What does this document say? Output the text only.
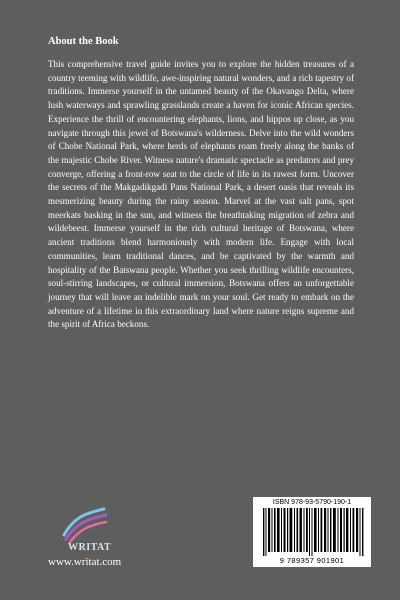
About the Book

This comprehensive travel guide invites you to explore the hidden treasures of a country teeming with wildlife, awe-inspiring natural wonders, and a rich tapestry of traditions. Immerse yourself in the untamed beauty of the Okavango Delta, where lush waterways and sprawling grasslands create a haven for iconic African species. Experience the thrill of encountering elephants, lions, and hippos up close, as you navigate through this jewel of Botswana's wilderness. Delve into the wild wonders of Chobe National Park, where herds of elephants roam freely along the banks of the majestic Chobe River. Witness nature's dramatic spectacle as predators and prey converge, offering a front-row seat to the circle of life in its rawest form. Uncover the secrets of the Makgadikgadi Pans National Park, a desert oasis that reveals its mesmerizing beauty during the rainy season. Marvel at the vast salt pans, spot meerkats basking in the sun, and witness the breathtaking migration of zebra and wildebeest. Immerse yourself in the rich cultural heritage of Botswana, where ancient traditions blend harmoniously with modern life. Engage with local communities, learn traditional dances, and be captivated by the warmth and hospitality of the Batswana people. Whether you seek thrilling wildlife encounters, soul-stirring landscapes, or cultural immersion, Botswana offers an unforgettable journey that will leave an indelible mark on your soul. Get ready to embark on the adventure of a lifetime in this extraordinary land where nature reigns supreme and the spirit of Africa beckons.

WRITAT
www.writat.com
ISBN 978-93-5790-190-1
9 789357 901901
